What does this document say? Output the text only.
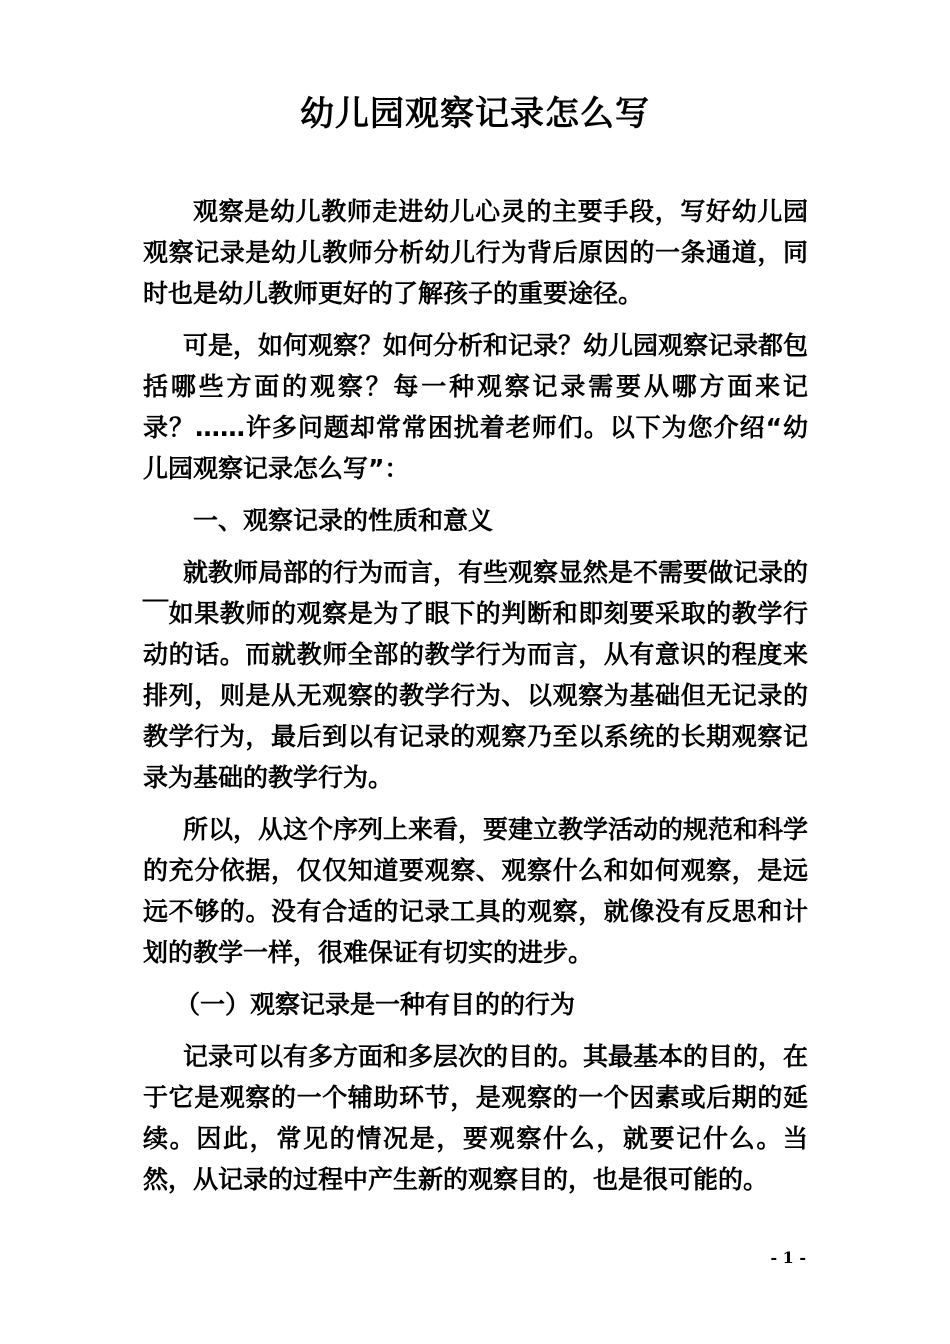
幼儿园观察记录怎么写

观察是幼儿教师走进幼儿心灵的主要手段，写好幼儿园观察记录是幼儿教师分析幼儿行为背后原因的一条通道，同时也是幼儿教师更好的了解孩子的重要途径。

可是，如何观察？如何分析和记录？幼儿园观察记录都包括哪些方面的观察？每一种观察记录需要从哪方面来记录？……许多问题却常常困扰着老师们。以下为您介绍“幼儿园观察记录怎么写”：

一、观察记录的性质和意义

就教师局部的行为而言，有些观察显然是不需要做记录的￣如果教师的观察是为了眼下的判断和即刻要采取的教学行动的话。而就教师全部的教学行为而言，从有意识的程度来排列，则是从无观察的教学行为、以观察为基础但无记录的教学行为，最后到以有记录的观察乃至以系统的长期观察记录为基础的教学行为。

所以，从这个序列上来看，要建立教学活动的规范和科学的充分依据，仅仅知道要观察、观察什么和如何观察，是远远不够的。没有合适的记录工具的观察，就像没有反思和计划的教学一样，很难保证有切实的进步。

（一）观察记录是一种有目的的行为

记录可以有多方面和多层次的目的。其最基本的目的，在于它是观察的一个辅助环节，是观察的一个因素或后期的延续。因此，常见的情况是，要观察什么，就要记什么。当然，从记录的过程中产生新的观察目的，也是很可能的。

- 1 -
